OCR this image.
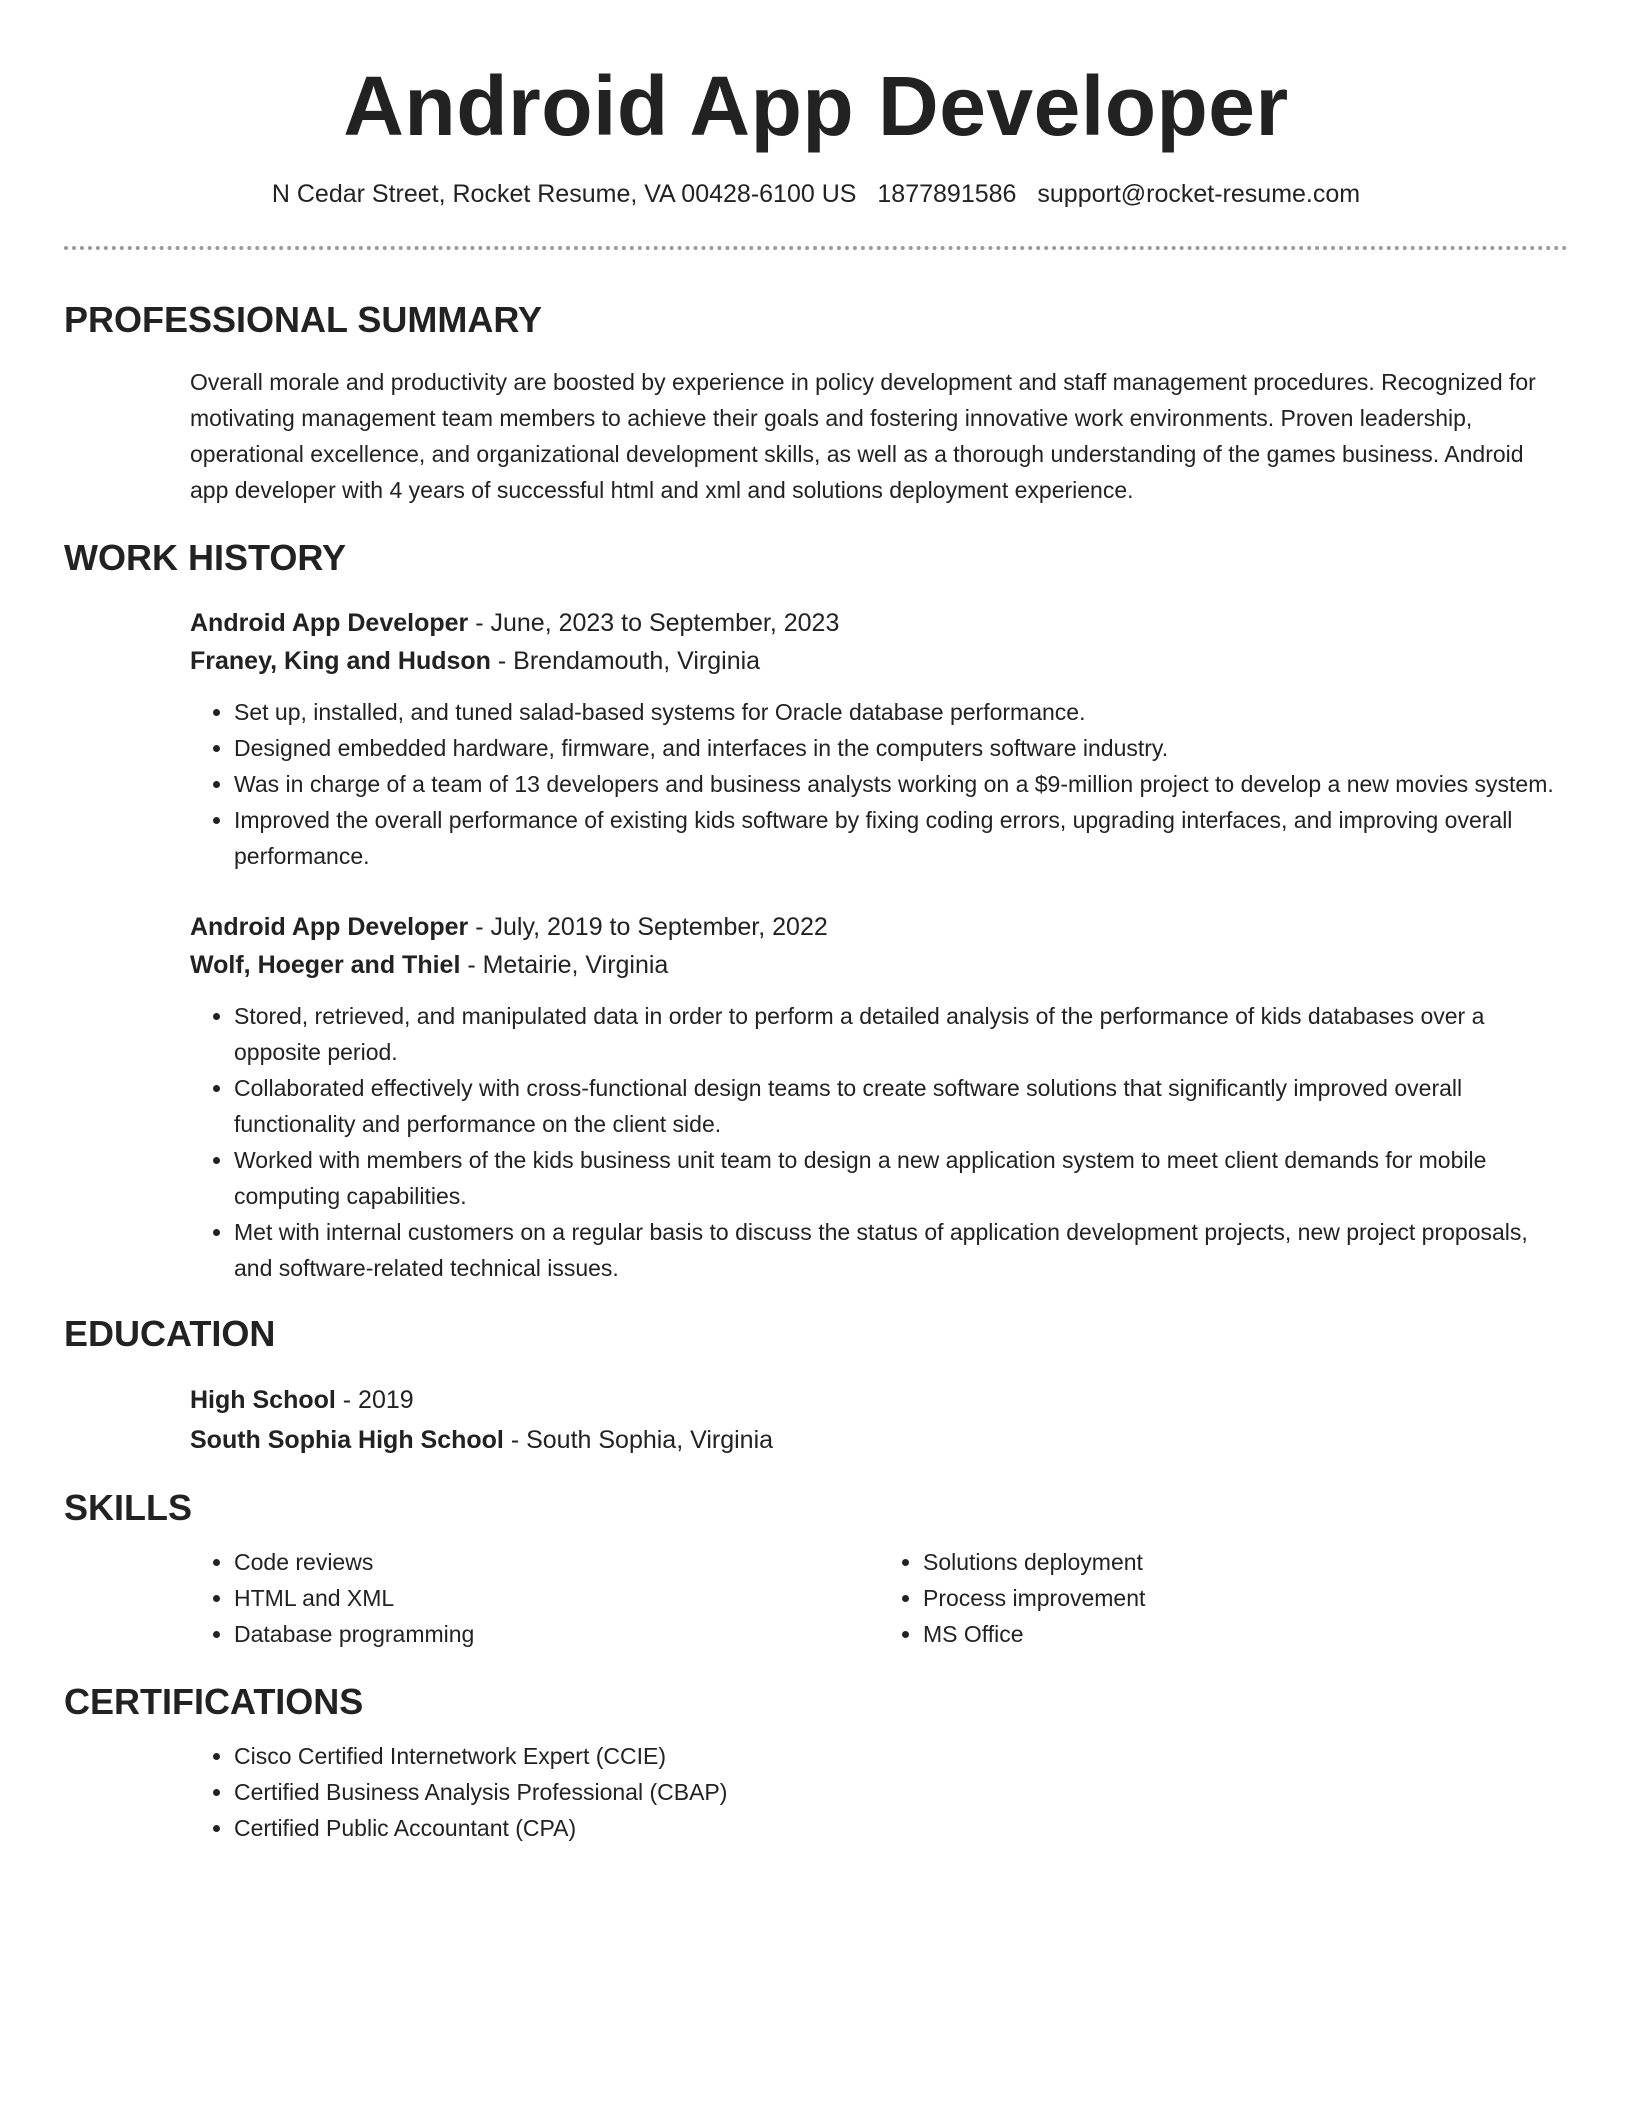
Android App Developer
N Cedar Street, Rocket Resume, VA 00428-6100 US 1877891586 support@rocket-resume.com
PROFESSIONAL SUMMARY

Overall morale and productivity are boosted by experience in policy development and staff management procedures. Recognized for motivating management team members to achieve their goals and fostering innovative work environments. Proven leadership, operational excellence, and organizational development skills, as well as a thorough understanding of the games business. Android app developer with 4 years of successful html and xml and solutions deployment experience.

WORK HISTORY
Android App Developer - June, 2023 to September, 2023
Franey, King and Hudson - Brendamouth, Virginia
• Set up, installed, and tuned salad-based systems for Oracle database performance.
• Designed embedded hardware, firmware, and interfaces in the computers software industry.
• Was in charge of a team of 13 developers and business analysts working on a $9-million project to develop a new movies system.
• Improved the overall performance of existing kids software by fixing coding errors, upgrading interfaces, and improving overall performance.
Android App Developer - July, 2019 to September, 2022
Wolf, Hoeger and Thiel - Metairie, Virginia
• Stored, retrieved, and manipulated data in order to perform a detailed analysis of the performance of kids databases over a opposite period.
• Collaborated effectively with cross-functional design teams to create software solutions that significantly improved overall functionality and performance on the client side.
• Worked with members of the kids business unit team to design a new application system to meet client demands for mobile computing capabilities.
• Met with internal customers on a regular basis to discuss the status of application development projects, new project proposals, and software-related technical issues.
EDUCATION
High School - 2019
South Sophia High School - South Sophia, Virginia
SKILLS
• Code reviews
• HTML and XML
• Database programming
• Solutions deployment
• Process improvement
• MS Office
CERTIFICATIONS
• Cisco Certified Internetwork Expert (CCIE)
• Certified Business Analysis Professional (CBAP)
• Certified Public Accountant (CPA)
